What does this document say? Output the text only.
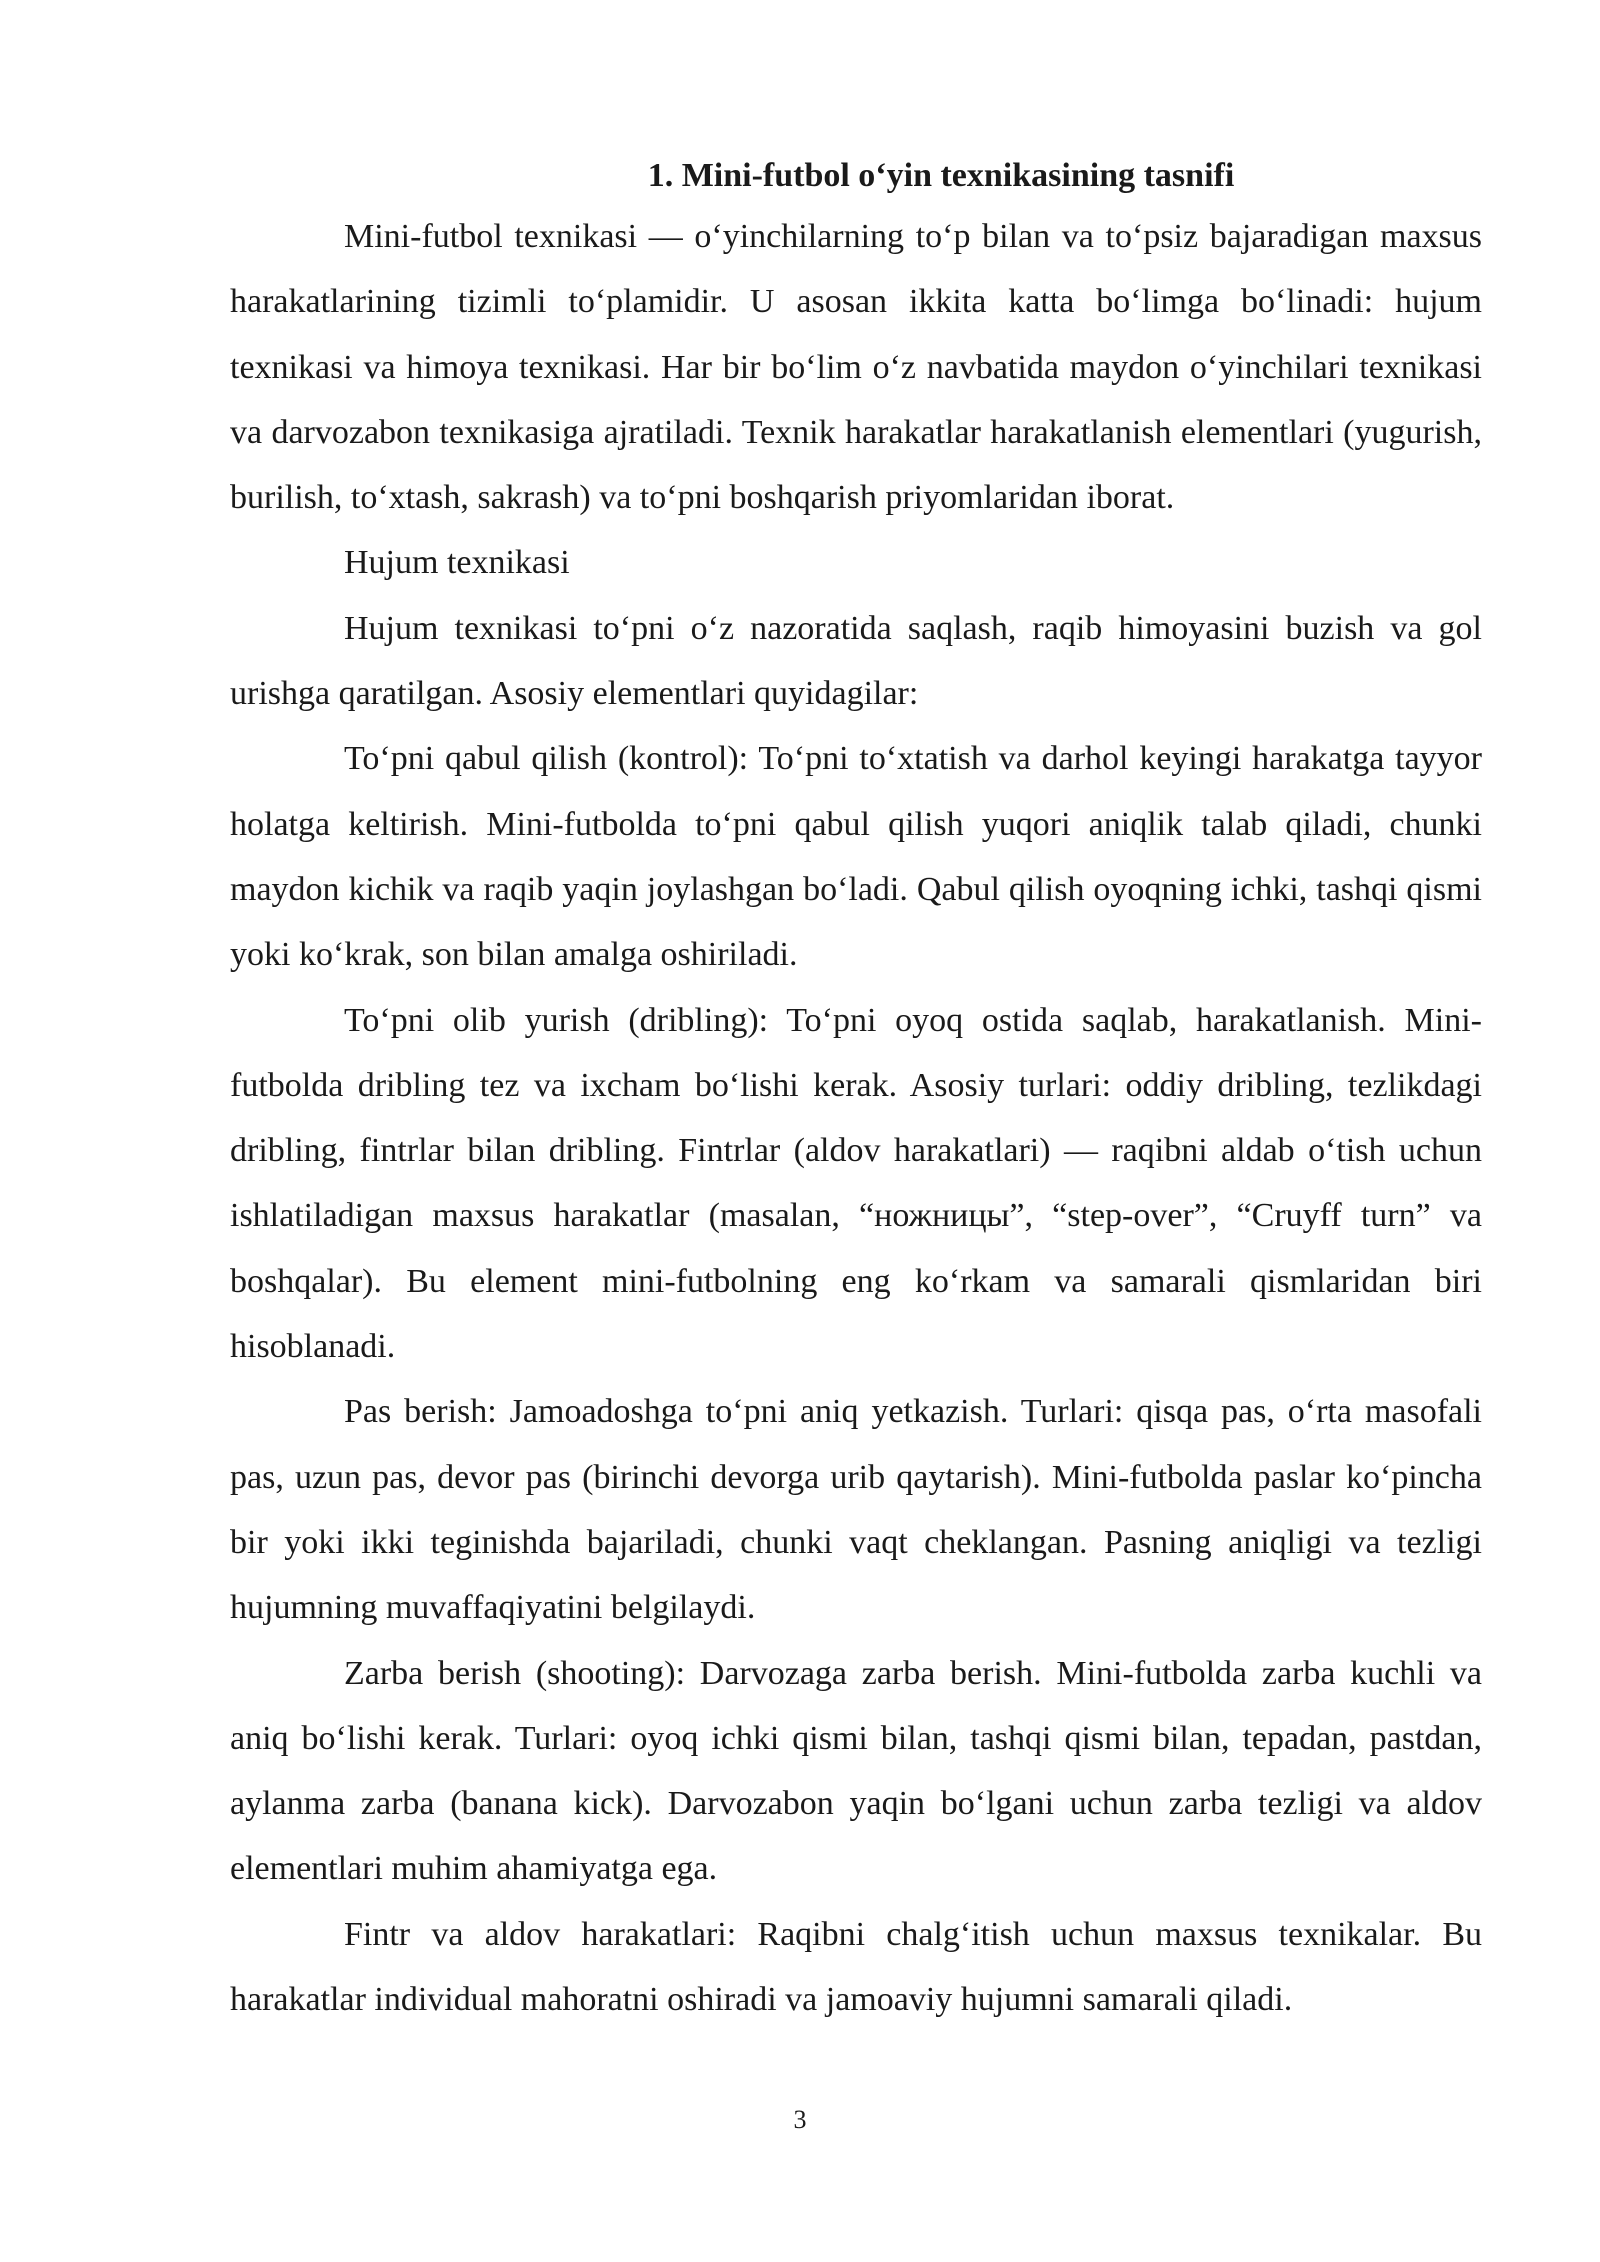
1. Mini-futbol o‘yin texnikasining tasnifi

Mini-futbol texnikasi — o‘yinchilarning to‘p bilan va to‘psiz bajaradigan maxsus harakatlarining tizimli to‘plamidir. U asosan ikkita katta bo‘limga bo‘linadi: hujum texnikasi va himoya texnikasi. Har bir bo‘lim o‘z navbatida maydon o‘yinchilari texnikasi va darvozabon texnikasiga ajratiladi. Texnik harakatlar harakatlanish elementlari (yugurish, burilish, to‘xtash, sakrash) va to‘pni boshqarish priyomlaridan iborat.

Hujum texnikasi

Hujum texnikasi to‘pni o‘z nazoratida saqlash, raqib himoyasini buzish va gol urishga qaratilgan. Asosiy elementlari quyidagilar:

To‘pni qabul qilish (kontrol): To‘pni to‘xtatish va darhol keyingi harakatga tayyor holatga keltirish. Mini-futbolda to‘pni qabul qilish yuqori aniqlik talab qiladi, chunki maydon kichik va raqib yaqin joylashgan bo‘ladi. Qabul qilish oyoqning ichki, tashqi qismi yoki ko‘krak, son bilan amalga oshiriladi.

To‘pni olib yurish (dribling): To‘pni oyoq ostida saqlab, harakatlanish. Mini-futbolda dribling tez va ixcham bo‘lishi kerak. Asosiy turlari: oddiy dribling, tezlikdagi dribling, fintrlar bilan dribling. Fintrlar (aldov harakatlari) — raqibni aldab o‘tish uchun ishlatiladigan maxsus harakatlar (masalan, “ножницы”, “step-over”, “Cruyff turn” va boshqalar). Bu element mini-futbolning eng ko‘rkam va samarali qismlaridan biri hisoblanadi.

Pas berish: Jamoadoshga to‘pni aniq yetkazish. Turlari: qisqa pas, o‘rta masofali pas, uzun pas, devor pas (birinchi devorga urib qaytarish). Mini-futbolda paslar ko‘pincha bir yoki ikki teginishda bajariladi, chunki vaqt cheklangan. Pasning aniqligi va tezligi hujumning muvaffaqiyatini belgilaydi.

Zarba berish (shooting): Darvozaga zarba berish. Mini-futbolda zarba kuchli va aniq bo‘lishi kerak. Turlari: oyoq ichki qismi bilan, tashqi qismi bilan, tepadan, pastdan, aylanma zarba (banana kick). Darvozabon yaqin bo‘lgani uchun zarba tezligi va aldov elementlari muhim ahamiyatga ega.

Fintr va aldov harakatlari: Raqibni chalg‘itish uchun maxsus texnikalar. Bu harakatlar individual mahoratni oshiradi va jamoaviy hujumni samarali qiladi.

3
